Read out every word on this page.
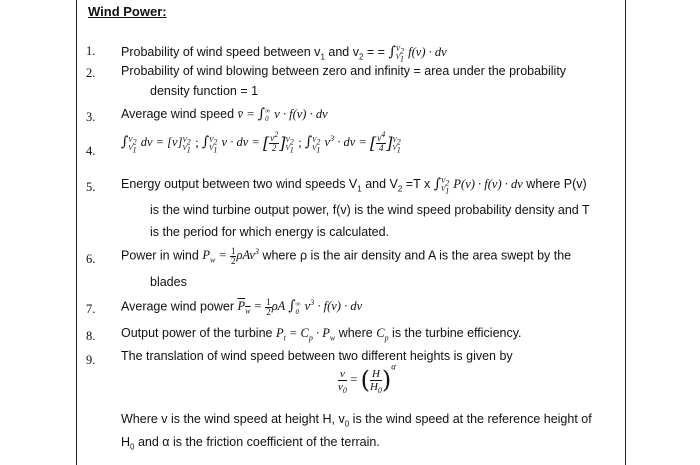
Wind Power:
1. Probability of wind speed between $v_1$ and $v_2$ = = $\int V_2$
$V_1$ f(v) · dv
2. Probability of wind blowing between zero and infinity = area under the probability
density function = 1
3. Average wind speed v̄ = ∫∞
0 v · f(v) · dv
4.
$\int V_2$
$V_1$ dv = $[v]V_2$
$V_1$ ; $\int V_2$
$V_1$ v · dv = [ $\frac{v^2}{2} ]V_2$
$V_1$ ; $\int V_2$
$V_1$ $v^3$ · dv = [ $\frac{v^4}{4} ]V_2$
$V_1$
5. Energy output between two wind speeds $V_1$ and $V_2 =T$ x $\int V_2$
$V_1$ P(v) · f(v) · dv where P(v)
is the wind turbine output power, f(v) is the wind speed probability density and T
is the period for which energy is calculated.
6. Power in wind $P_w = \frac{1}{2} \rho Av^3$ where ρ is the air density and A is the area swept by the
blades
7. Average wind power $P_w = \frac{1}{2}$ ρA ∫∞
0 $v^3 \cdot f(v)$ · dv
8. Output power of the turbine $P_t = C_p \cdot P_w$ where $C_p$ is the turbine efficiency.
9. The translation of wind speed between two different heights is given by
$\frac{v}{v_0}$ = ( $\frac{H}{H_0} )^\alpha$
Where v is the wind speed at height H, $v_0$ is the wind speed at the reference height of
$H_0$ and α is the friction coefficient of the terrain.
